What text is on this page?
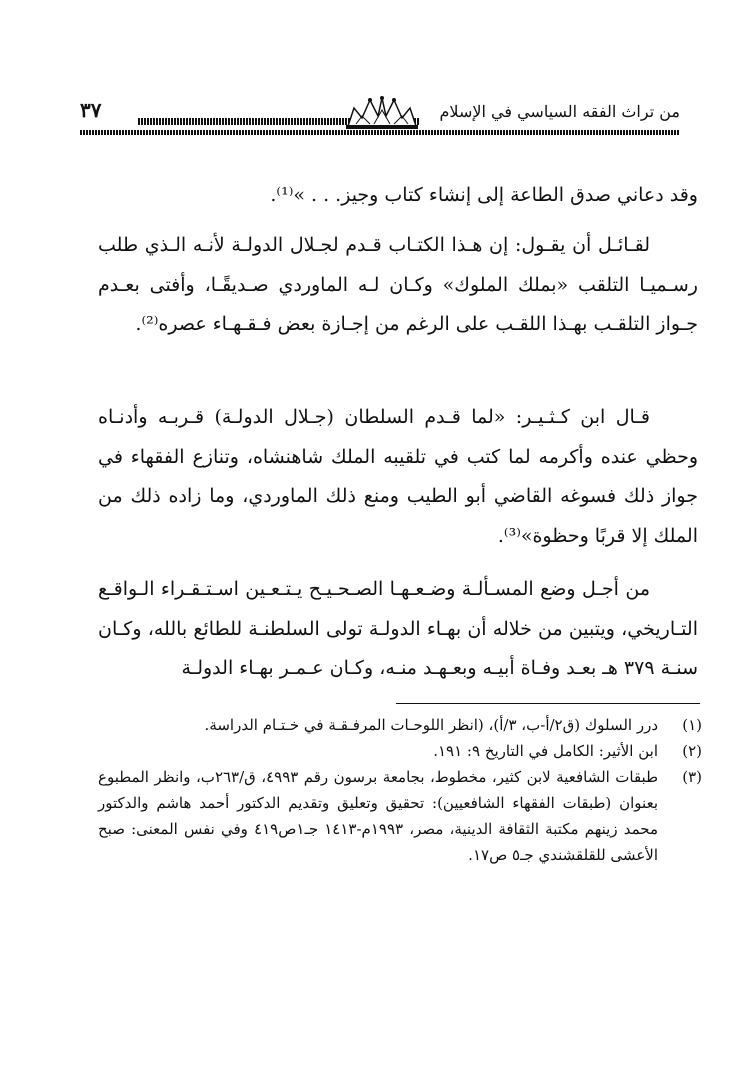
من تراث الفقه السياسي في الإسلام
٣٧

وقد دعاني صدق الطاعة إلى إنشاء كتاب وجيز. . . »⁽¹⁾.

لقـائـل أن يقـول: إن هـذا الكتـاب قـدم لجـلال الدولـة لأنـه الـذي طلب رسـميـا التلقب «بملك الملوك» وكـان لـه الماوردي صـديقًـا، وأفتى بعـدم جـواز التلقـب بهـذا اللقـب على الرغم من إجـازة بعض فـقـهـاء عصره⁽²⁾.

قـال ابن كـثـيـر: «لما قـدم السلطان (جـلال الدولـة) قـربـه وأدنـاه وحظي عنده وأكرمه لما كتب في تلقيبه الملك شاهنشاه، وتنازع الفقهاء في جواز ذلك فسوغه القاضي أبو الطيب ومنع ذلك الماوردي، وما زاده ذلك من الملك إلا قربًا وحظوة»⁽³⁾.

من أجـل وضع المسـألـة وضـعـهـا الصـحـيـح يـتـعـين اسـتـقـراء الـواقـع التـاريخي، ويتبين من خلاله أن بهـاء الدولـة تولى السلطنـة للطائع بالله، وكـان سنـة ٣٧٩ هـ بعـد وفـاة أبيـه وبعـهـد منـه، وكـان عـمـر بهـاء الدولـة

(١)
درر السلوك (ق٢/أ-ب، ٣/أ)، (انظر اللوحـات المرفـقـة في خـتـام الدراسة.
(٢)
ابن الأثير: الكامل في التاريخ ٩: ١٩١.
(٣)
طبقات الشافعية لابن كثير، مخطوط، بجامعة برسون رقم ٤٩٩٣، ق/٢٦٣ب، وانظر المطبوع بعنوان (طبقات الفقهاء الشافعيين): تحقيق وتعليق وتقديم الدكتور أحمد هاشم والدكتور محمد زينهم مكتبة الثقافة الدينية، مصر، ١٩٩٣م-١٤١٣ جـ١ص٤١٩ وفي نفس المعنى: صبح الأعشى للقلقشندي جـ٥ ص١٧.
